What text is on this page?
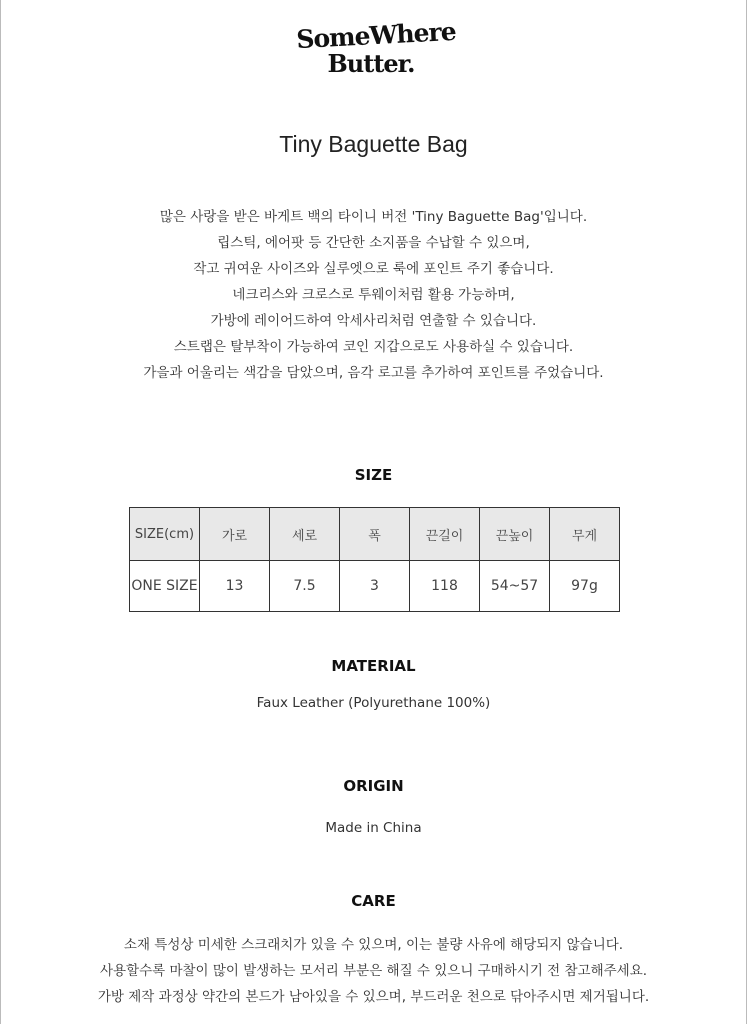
SomeWhere
Butter.
Tiny Baguette Bag
많은 사랑을 받은 바게트 백의 타이니 버전 'Tiny Baguette Bag'입니다.
립스틱, 에어팟 등 간단한 소지품을 수납할 수 있으며,
작고 귀여운 사이즈와 실루엣으로 룩에 포인트 주기 좋습니다.
네크리스와 크로스로 투웨이처럼 활용 가능하며,
가방에 레이어드하여 악세사리처럼 연출할 수 있습니다.
스트랩은 탈부착이 가능하여 코인 지갑으로도 사용하실 수 있습니다.
가을과 어울리는 색감을 담았으며, 음각 로고를 추가하여 포인트를 주었습니다.
SIZE
SIZE(cm)	가로	세로	폭	끈길이	끈높이	무게
ONE SIZE	13	7.5	3	118	54~57	97g
MATERIAL
Faux Leather (Polyurethane 100%)
ORIGIN
Made in China
CARE
소재 특성상 미세한 스크래치가 있을 수 있으며, 이는 불량 사유에 해당되지 않습니다.
사용할수록 마찰이 많이 발생하는 모서리 부분은 해질 수 있으니 구매하시기 전 참고해주세요.
가방 제작 과정상 약간의 본드가 남아있을 수 있으며, 부드러운 천으로 닦아주시면 제거됩니다.
